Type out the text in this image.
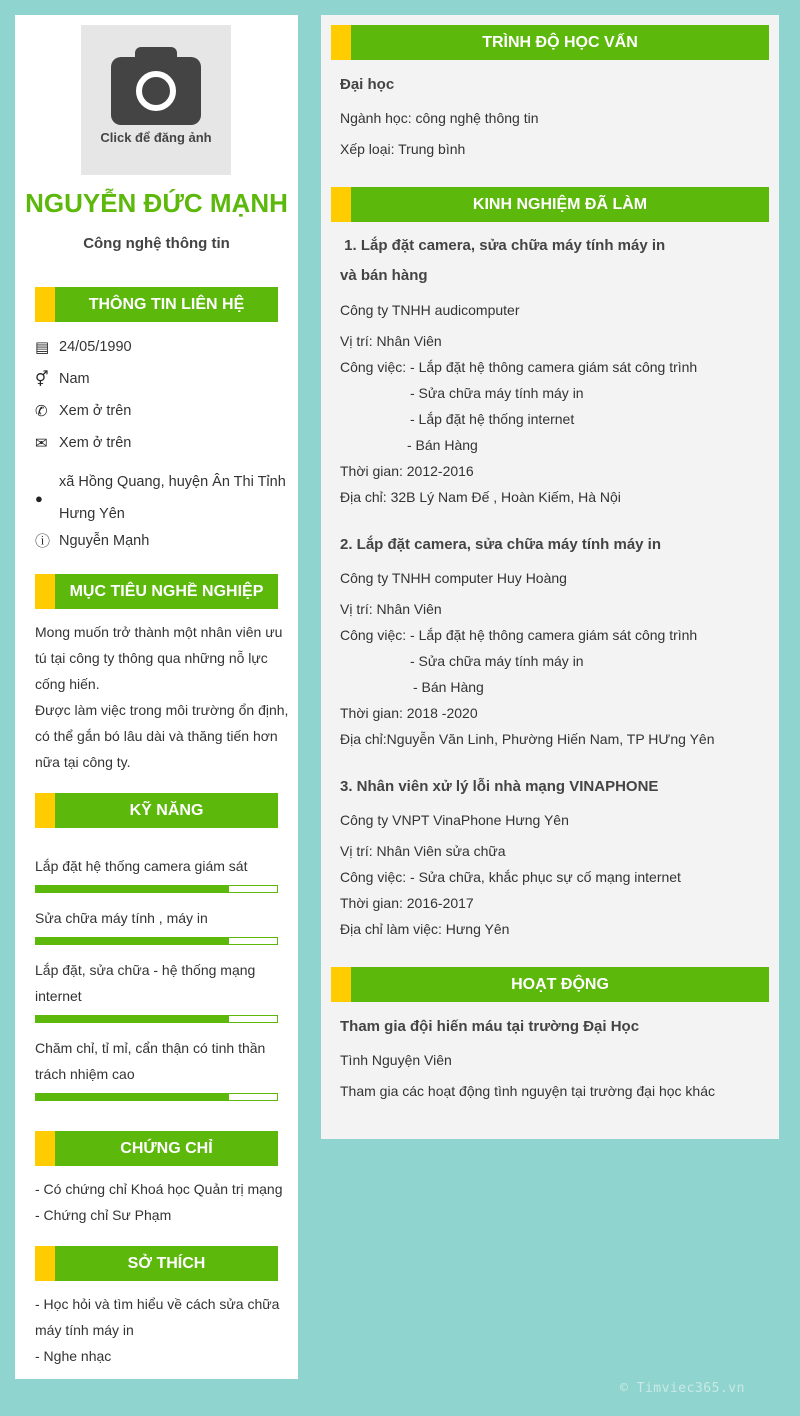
Click để đăng ảnh
NGUYỄN ĐỨC MẠNH
Công nghệ thông tin
THÔNG TIN LIÊN HỆ
▤ 24/05/1990
⚥ Nam
✆ Xem ở trên
✉ Xem ở trên
●
xã Hồng Quang, huyện Ân Thi Tỉnh
Hưng Yên
ⓘ Nguyễn Mạnh
MỤC TIÊU NGHỀ NGHIỆP
Mong muốn trở thành một nhân viên ưu
tú tại công ty thông qua những nỗ lực
cống hiến.
Được làm việc trong môi trường ổn định,
có thể gắn bó lâu dài và thăng tiến hơn
nữa tại công ty.
KỸ NĂNG
Lắp đặt hệ thống camera giám sát
Sửa chữa máy tính , máy in
Lắp đặt, sửa chữa - hệ thống mạng
internet
Chăm chỉ, tỉ mỉ, cẩn thận có tinh thần
trách nhiệm cao
CHỨNG CHỈ
- Có chứng chỉ Khoá học Quản trị mạng
- Chứng chỉ Sư Phạm
SỞ THÍCH
- Học hỏi và tìm hiểu về cách sửa chữa
máy tính máy in
- Nghe nhạc
TRÌNH ĐỘ HỌC VẤN
Đại học
Ngành học: công nghệ thông tin
Xếp loại: Trung bình
KINH NGHIỆM ĐÃ LÀM
1. Lắp đặt camera, sửa chữa máy tính máy in
và bán hàng
Công ty TNHH audicomputer
Vị trí: Nhân Viên
Công việc: - Lắp đặt hệ thông camera giám sát công trình
- Sửa chữa máy tính máy in
- Lắp đặt hệ thống internet
- Bán Hàng
Thời gian: 2012-2016
Địa chỉ: 32B Lý Nam Đế , Hoàn Kiếm, Hà Nội
2. Lắp đặt camera, sửa chữa máy tính máy in
Công ty TNHH computer Huy Hoàng
Vị trí: Nhân Viên
Công việc: - Lắp đặt hệ thông camera giám sát công trình
- Sửa chữa máy tính máy in
- Bán Hàng
Thời gian: 2018 -2020
Địa chỉ:Nguyễn Văn Linh, Phường Hiến Nam, TP HƯng Yên
3. Nhân viên xử lý lỗi nhà mạng VINAPHONE
Công ty VNPT VinaPhone Hưng Yên
Vị trí: Nhân Viên sửa chữa
Công việc: - Sửa chữa, khắc phục sự cố mạng internet
Thời gian: 2016-2017
Địa chỉ làm việc: Hưng Yên
HOẠT ĐỘNG
Tham gia đội hiến máu tại trường Đại Học
Tình Nguyện Viên
Tham gia các hoạt động tình nguyện tại trường đại học khác
© Timviec365.vn
